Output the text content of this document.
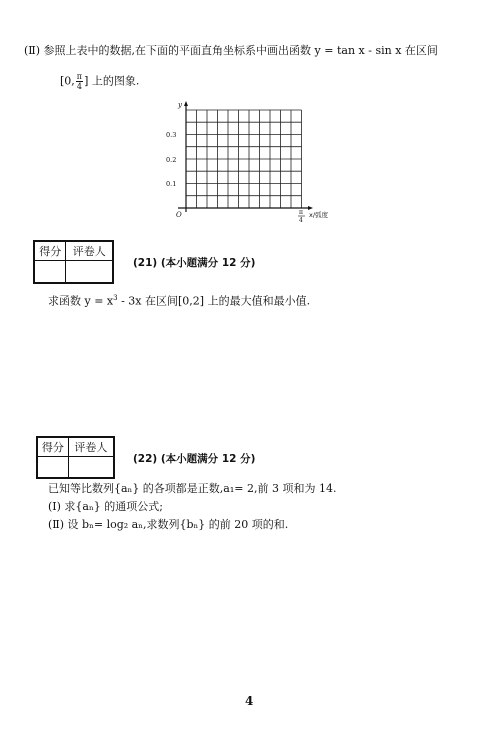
(Ⅱ) 参照上表中的数据,在下面的平面直角坐标系中画出函数 y = tan x - sin x 在区间
[0, $\frac{\pi}{4}$ ] 上的图象.
y
0.3
0.2
0.1
O	π
4
x/弧度
得分	评卷人

(21) (本小题满分 12 分)
求函数 $y = x^3 - 3x$ 在区间[0,2] 上的最大值和最小值.
得分	评卷人

(22) (本小题满分 12 分)
已知等比数列{aₙ} 的各项都是正数,a₁= 2,前 3 项和为 14.
(Ⅰ) 求{aₙ} 的通项公式;
(Ⅱ) 设 bₙ= log₂ aₙ,求数列{bₙ} 的前 20 项的和.
4
